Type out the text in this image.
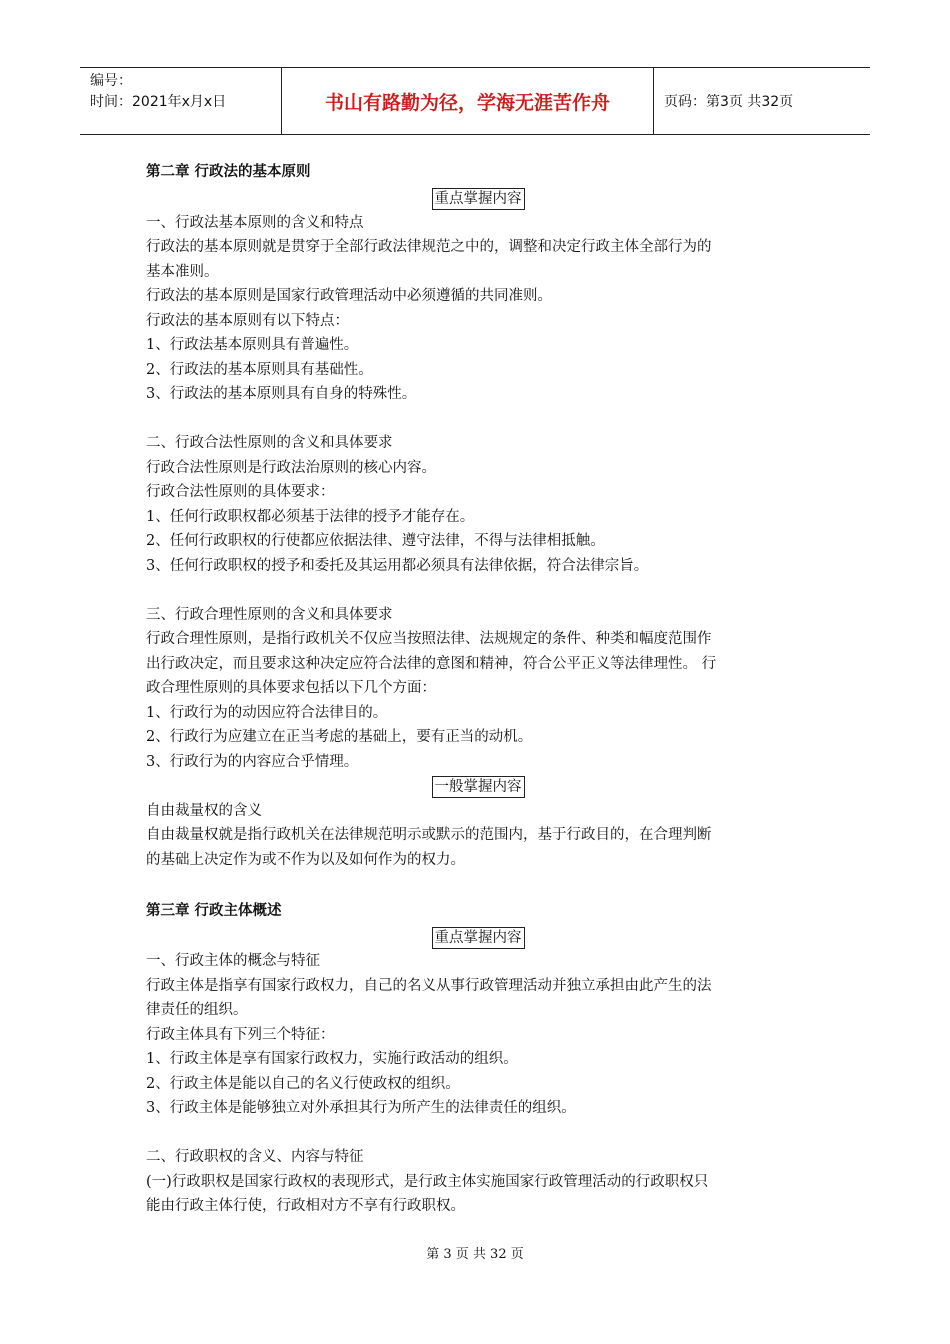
编号：
时间：2021年x月x日	书山有路勤为径，学海无涯苦作舟	页码：第3页 共32页
第二章 行政法的基本原则
重点掌握内容
一、行政法基本原则的含义和特点
行政法的基本原则就是贯穿于全部行政法律规范之中的，调整和决定行政主体全部行为的
基本准则。
行政法的基本原则是国家行政管理活动中必须遵循的共同准则。
行政法的基本原则有以下特点：
1、行政法基本原则具有普遍性。
2、行政法的基本原则具有基础性。
3、行政法的基本原则具有自身的特殊性。
二、行政合法性原则的含义和具体要求
行政合法性原则是行政法治原则的核心内容。
行政合法性原则的具体要求：
1、任何行政职权都必须基于法律的授予才能存在。
2、任何行政职权的行使都应依据法律、遵守法律，不得与法律相抵触。
3、任何行政职权的授予和委托及其运用都必须具有法律依据，符合法律宗旨。
三、行政合理性原则的含义和具体要求
行政合理性原则，是指行政机关不仅应当按照法律、法规规定的条件、种类和幅度范围作
出行政决定，而且要求这种决定应符合法律的意图和精神，符合公平正义等法律理性。 行
政合理性原则的具体要求包括以下几个方面：
1、行政行为的动因应符合法律目的。
2、行政行为应建立在正当考虑的基础上，要有正当的动机。
3、行政行为的内容应合乎情理。
一般掌握内容
自由裁量权的含义
自由裁量权就是指行政机关在法律规范明示或默示的范围内，基于行政目的，在合理判断
的基础上决定作为或不作为以及如何作为的权力。
第三章 行政主体概述
重点掌握内容
一、行政主体的概念与特征
行政主体是指享有国家行政权力，自己的名义从事行政管理活动并独立承担由此产生的法
律责任的组织。
行政主体具有下列三个特征：
1、行政主体是享有国家行政权力，实施行政活动的组织。
2、行政主体是能以自己的名义行使政权的组织。
3、行政主体是能够独立对外承担其行为所产生的法律责任的组织。
二、行政职权的含义、内容与特征
(一)行政职权是国家行政权的表现形式，是行政主体实施国家行政管理活动的行政职权只
能由行政主体行使，行政相对方不享有行政职权。
第 3 页 共 32 页
